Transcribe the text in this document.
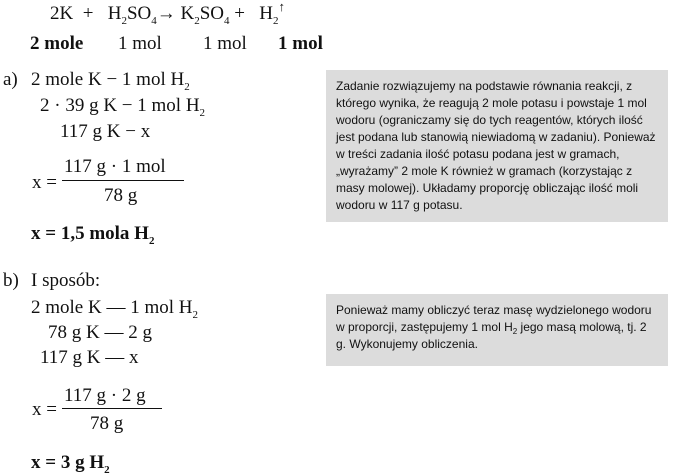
$2K + H_2SO_4\to K_2SO_4 + H_2^↑$
2 mole 1 mol 1 mol 1 mol
a) 2 mole K − 1 mol $H_2$
2 · 39 g K − 1 mol $H_2$
117 g K − x
x =
117 g · 1 mol
78 g
x = 1,5 mola $H_2$
b) I sposób:
2 mole K — 1 mol $H_2$
78 g K — 2 g
117 g K — x
x =
117 g · 2 g
78 g
x = 3 g $H_2$

Zadanie rozwiązujemy na podstawie równania reakcji, z którego wynika, że reagują 2 mole potasu i powstaje 1 mol wodoru (ograniczamy się do tych reagentów, których ilość jest podana lub stanowią niewiadomą w zadaniu). Ponieważ w treści zadania ilość potasu podana jest w gramach, „wyrażamy” 2 mole K również w gramach (korzystając z masy molowej). Układamy proporcję obliczając ilość moli wodoru w 117 g potasu.

Ponieważ mamy obliczyć teraz masę wydzielonego wodoru w proporcji, zastępujemy 1 mol $H_2$ jego masą molową, tj. 2 g. Wykonujemy obliczenia.
